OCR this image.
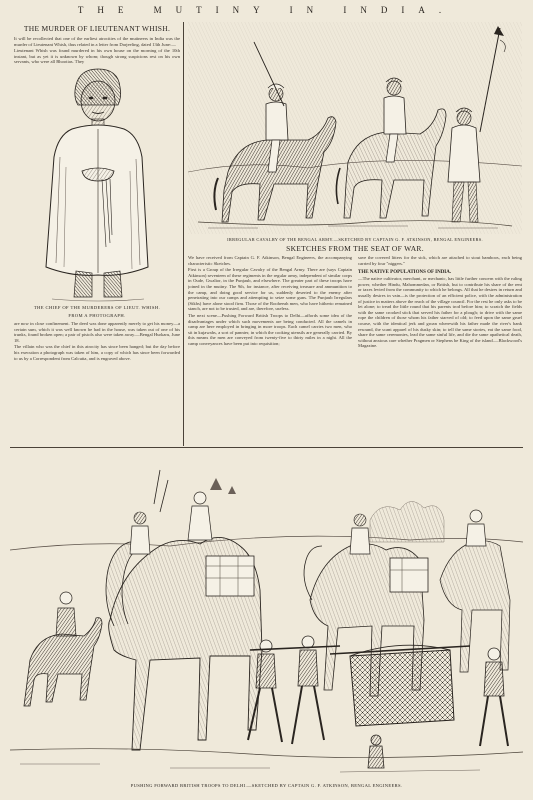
THE MUTINY IN INDIA.
THE MURDER OF LIEUTENANT WHISH.

It will be recollected that one of the earliest atrocities of the mutineers in India was the murder of Lieutenant Whish, thus related in a letter from Darjeeling, dated 13th June:—

Lieutenant Whish was found murdered in his own house on the morning of the 10th instant, but as yet it is unknown by whom; though strong suspicions rest on his own servants, who were all Bhootias. They

THE CHIEF OF THE MURDERERS OF LIEUT. WHISH.
FROM A PHOTOGRAPH.

are now in close confinement. The deed was done apparently merely to get his money—a certain sum, which it was well known he had in the house, was taken out of one of his trunks, found broken open; a pair of pistols also were taken away.—Bengal Hurkaru, June 18.

The villain who was the chief in this atrocity has since been hanged; but the day before his execution a photograph was taken of him, a copy of which has since been forwarded to us by a Correspondent from Calcutta, and is engraved above.

IRREGULAR CAVALRY OF THE BENGAL ARMY.—SKETCHED BY CAPTAIN G. F. ATKINSON, BENGAL ENGINEERS.
SKETCHES FROM THE SEAT OF WAR.

We have received from Captain G. F. Atkinson, Bengal Engineers, the accompanying characteristic Sketches.

First is a Group of the Irregular Cavalry of the Bengal Army. There are (says Captain Atkinson) seventeen of these regiments in the regular army, independent of similar corps in Oude, Gwalior, in the Punjaub, and elsewhere. The greater part of these troops have joined in the mutiny. The 9th, for instance, after receiving treasure and ammunition to the camp, and doing good service for us, suddenly deserted to the enemy after penetrating into our camps and attempting to seize some guns. The Punjaub Irregulars (Sikhs) have alone stood firm. Those of the Rooheeah men, who have hitherto remained stanch, are not to be trusted, and are, therefore, useless.

The next scene—Pushing Forward British Troops to Delhi—affords some idea of the disadvantages under which such movements are being conducted. All the camels in camp are here employed in bringing in more troops. Each camel carries two men, who sit in kujawahs, a sort of pannier, in which the cooking utensils are generally carried. By this means the men are conveyed from twenty-five to thirty miles in a night. All the camp conveyances have been put into requisition;

save the covered litters for the sick, which are attached to stout bamboos, each being carried by four "niggers."

THE NATIVE POPULATIONS OF INDIA.

—The native cultivator, merchant, or mechanic, has little further concern with the ruling power, whether Hindu, Mahommedan, or British, but to contribute his share of the rent or taxes levied from the community to which he belongs. All that he desires in return and usually desires in vain—is the protection of an efficient police, with the administration of justice in matters above the reach of the village council. For the rest he only asks to be let alone; to tread the little round that his parents trod before him; to scratch the fields with the same crooked stick that served his father for a plough; to drive with the same rope the children of those whom his father starved of old; to feed upon the same gruel course, with the identical jerk and groan wherewith his father made the river's bank resound, the scant apparel of his dusky skin; to tell the same stories, eat the same food, share the same ceremonies, lead the same sinful life, and die the same apathetical death, without anxious care whether Pragmen or Stephens be King of the island.—Blackwood's Magazine.

PUSHING FORWARD BRITISH TROOPS TO DELHI.—SKETCHED BY CAPTAIN G. F. ATKINSON, BENGAL ENGINEERS.
